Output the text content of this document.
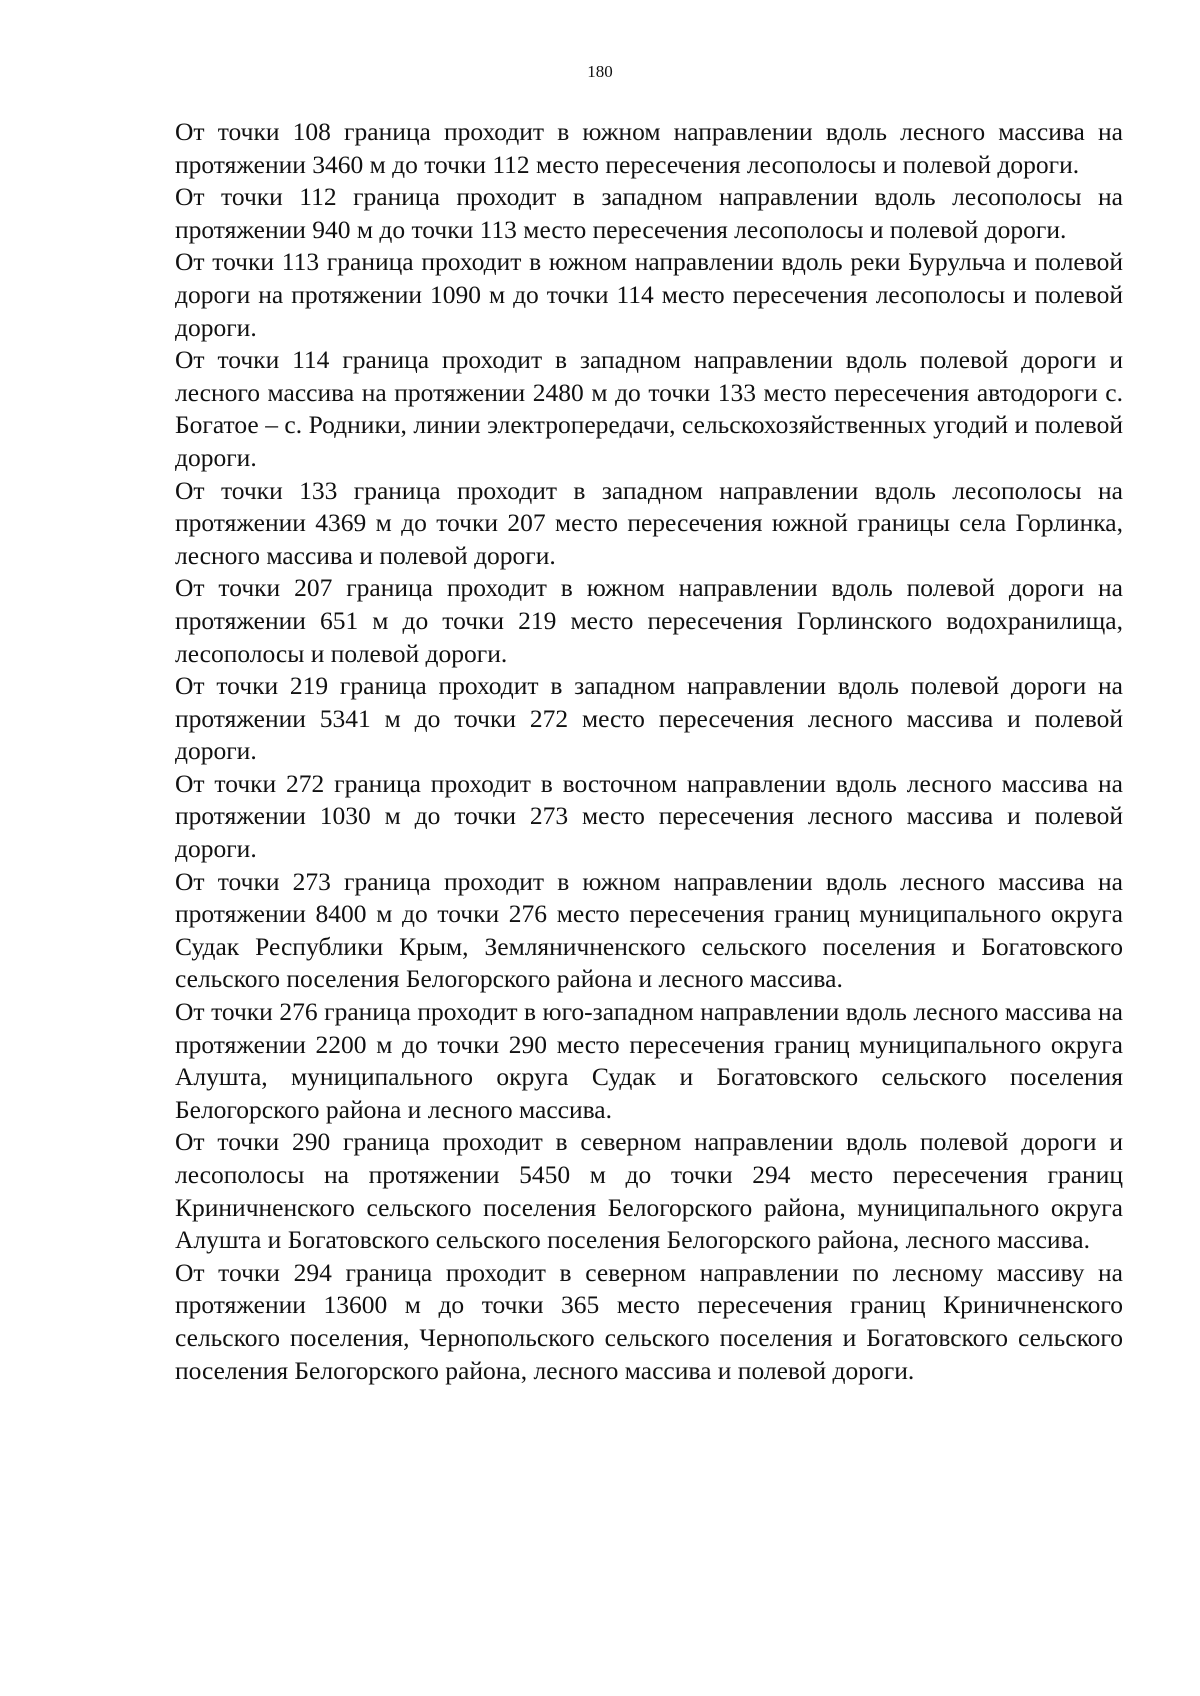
180

От точки 108 граница проходит в южном направлении вдоль лесного массива на протяжении 3460 м до точки 112 место пересечения лесополосы и полевой дороги.

От точки 112 граница проходит в западном направлении вдоль лесополосы на протяжении 940 м до точки 113 место пересечения лесополосы и полевой дороги.

От точки 113 граница проходит в южном направлении вдоль реки Бурульча и полевой дороги на протяжении 1090 м до точки 114 место пересечения лесополосы и полевой дороги.

От точки 114 граница проходит в западном направлении вдоль полевой дороги и лесного массива на протяжении 2480 м до точки 133 место пересечения автодороги с. Богатое – с. Родники, линии электропередачи, сельскохозяйственных угодий и полевой дороги.

От точки 133 граница проходит в западном направлении вдоль лесополосы на протяжении 4369 м до точки 207 место пересечения южной границы села Горлинка, лесного массива и полевой дороги.

От точки 207 граница проходит в южном направлении вдоль полевой дороги на протяжении 651 м до точки 219 место пересечения Горлинского водохранилища, лесополосы и полевой дороги.

От точки 219 граница проходит в западном направлении вдоль полевой дороги на протяжении 5341 м до точки 272 место пересечения лесного массива и полевой дороги.

От точки 272 граница проходит в восточном направлении вдоль лесного массива на протяжении 1030 м до точки 273 место пересечения лесного массива и полевой дороги.

От точки 273 граница проходит в южном направлении вдоль лесного массива на протяжении 8400 м до точки 276 место пересечения границ муниципального округа Судак Республики Крым, Земляничненского сельского поселения и Богатовского сельского поселения Белогорского района и лесного массива.

От точки 276 граница проходит в юго-западном направлении вдоль лесного массива на протяжении 2200 м до точки 290 место пересечения границ муниципального округа Алушта, муниципального округа Судак и Богатовского сельского поселения Белогорского района и лесного массива.

От точки 290 граница проходит в северном направлении вдоль полевой дороги и лесополосы на протяжении 5450 м до точки 294 место пересечения границ Криничненского сельского поселения Белогорского района, муниципального округа Алушта и Богатовского сельского поселения Белогорского района, лесного массива.

От точки 294 граница проходит в северном направлении по лесному массиву на протяжении 13600 м до точки 365 место пересечения границ Криничненского сельского поселения, Чернопольского сельского поселения и Богатовского сельского поселения Белогорского района, лесного массива и полевой дороги.
